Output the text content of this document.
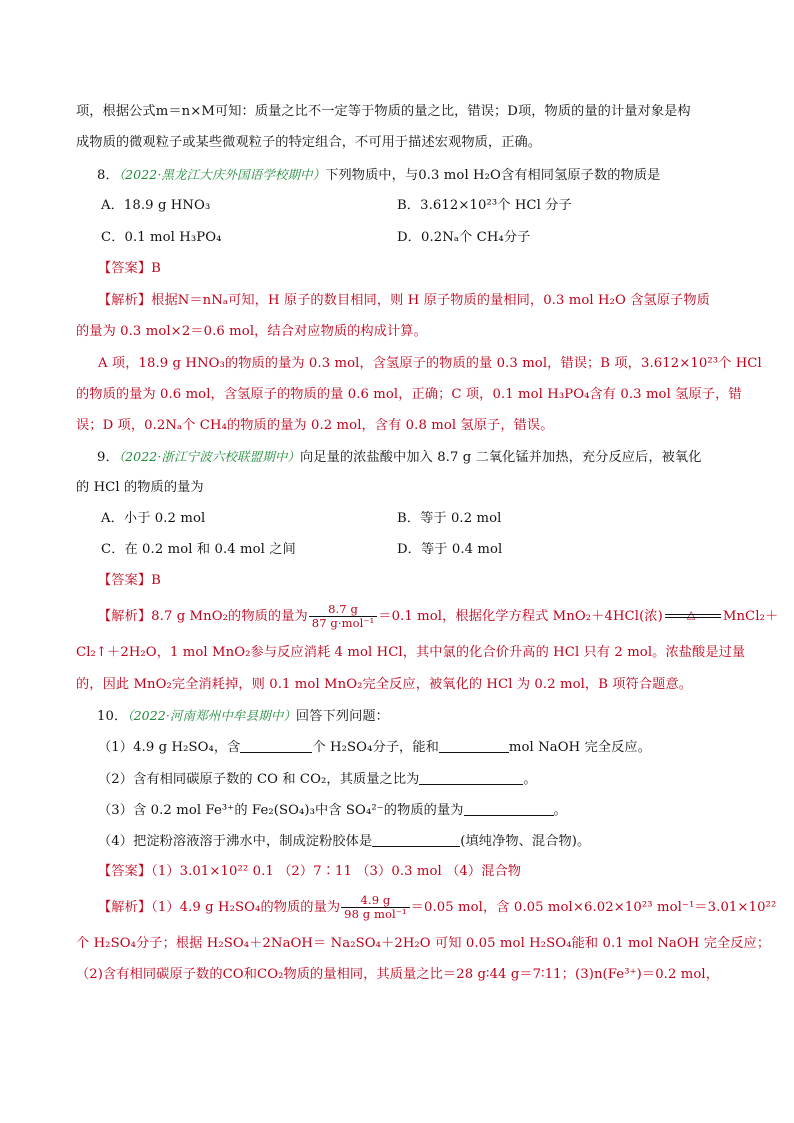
项，根据公式m＝n×M可知：质量之比不一定等于物质的量之比，错误；D项，物质的量的计量对象是构
成物质的微观粒子或某些微观粒子的特定组合，不可用于描述宏观物质，正确。
8．（2022·黑龙江大庆外国语学校期中）下列物质中，与0.3 mol H₂O含有相同氢原子数的物质是
A．18.9 g HNO₃	B．3.612×10²³个 HCl 分子
C．0.1 mol H₃PO₄	D．0.2Nₐ个 CH₄分子
【答案】B
【解析】根据N＝nNₐ可知，H 原子的数目相同，则 H 原子物质的量相同，0.3 mol H₂O 含氢原子物质
的量为 0.3 mol×2＝0.6 mol，结合对应物质的构成计算。
A 项，18.9 g HNO₃的物质的量为 0.3 mol，含氢原子的物质的量 0.3 mol，错误；B 项，3.612×10²³个 HCl
的物质的量为 0.6 mol，含氢原子的物质的量 0.6 mol，正确；C 项，0.1 mol H₃PO₄含有 0.3 mol 氢原子，错
误；D 项，0.2Nₐ个 CH₄的物质的量为 0.2 mol，含有 0.8 mol 氢原子，错误。
9．（2022·浙江宁波六校联盟期中）向足量的浓盐酸中加入 8.7 g 二氧化锰并加热，充分反应后，被氧化
的 HCl 的物质的量为
A．小于 0.2 mol	B．等于 0.2 mol
C．在 0.2 mol 和 0.4 mol 之间	D．等于 0.4 mol
【答案】B
【解析】8.7 g MnO₂的物质的量为 $\frac{8.7 g}{\text{87 g·mol⁻¹}} =0.1$ mol，根据化学方程式 MnO₂＋4HCl(浓) △ MnCl₂＋
Cl₂↑＋2H₂O，1 mol MnO₂参与反应消耗 4 mol HCl，其中氯的化合价升高的 HCl 只有 2 mol。浓盐酸是过量
的，因此 MnO₂完全消耗掉，则 0.1 mol MnO₂完全反应，被氧化的 HCl 为 0.2 mol，B 项符合题意。
10．（2022·河南郑州中牟县期中）回答下列问题：
（1）4.9 g H₂SO₄，含	个 H₂SO₄分子，能和	mol NaOH 完全反应。
（2）含有相同碳原子数的 CO 和 CO₂，其质量之比为	。
（3）含 0.2 mol Fe³⁺的 Fe₂(SO₄)₃中含 SO₄²⁻的物质的量为	。
（4）把淀粉溶液溶于沸水中，制成淀粉胶体是	(填纯净物、混合物)。
【答案】（1）3.01×10²² 0.1 （2）7∶11 （3）0.3 mol （4）混合物
【解析】（1）4.9 g H₂SO₄的物质的量为 $\frac{4.9 g}{\text{98 g mol⁻¹}} =0.05$ mol，含 0.05 mol×6.02×10²³ mol⁻¹＝3.01×10²²
个 H₂SO₄分子；根据 H₂SO₄＋2NaOH＝ Na₂SO₄＋2H₂O 可知 0.05 mol H₂SO₄能和 0.1 mol NaOH 完全反应；
（2)含有相同碳原子数的CO和CO₂物质的量相同，其质量之比＝28 g∶44 g＝7∶11；(3)n(Fe³⁺)＝0.2 mol，
